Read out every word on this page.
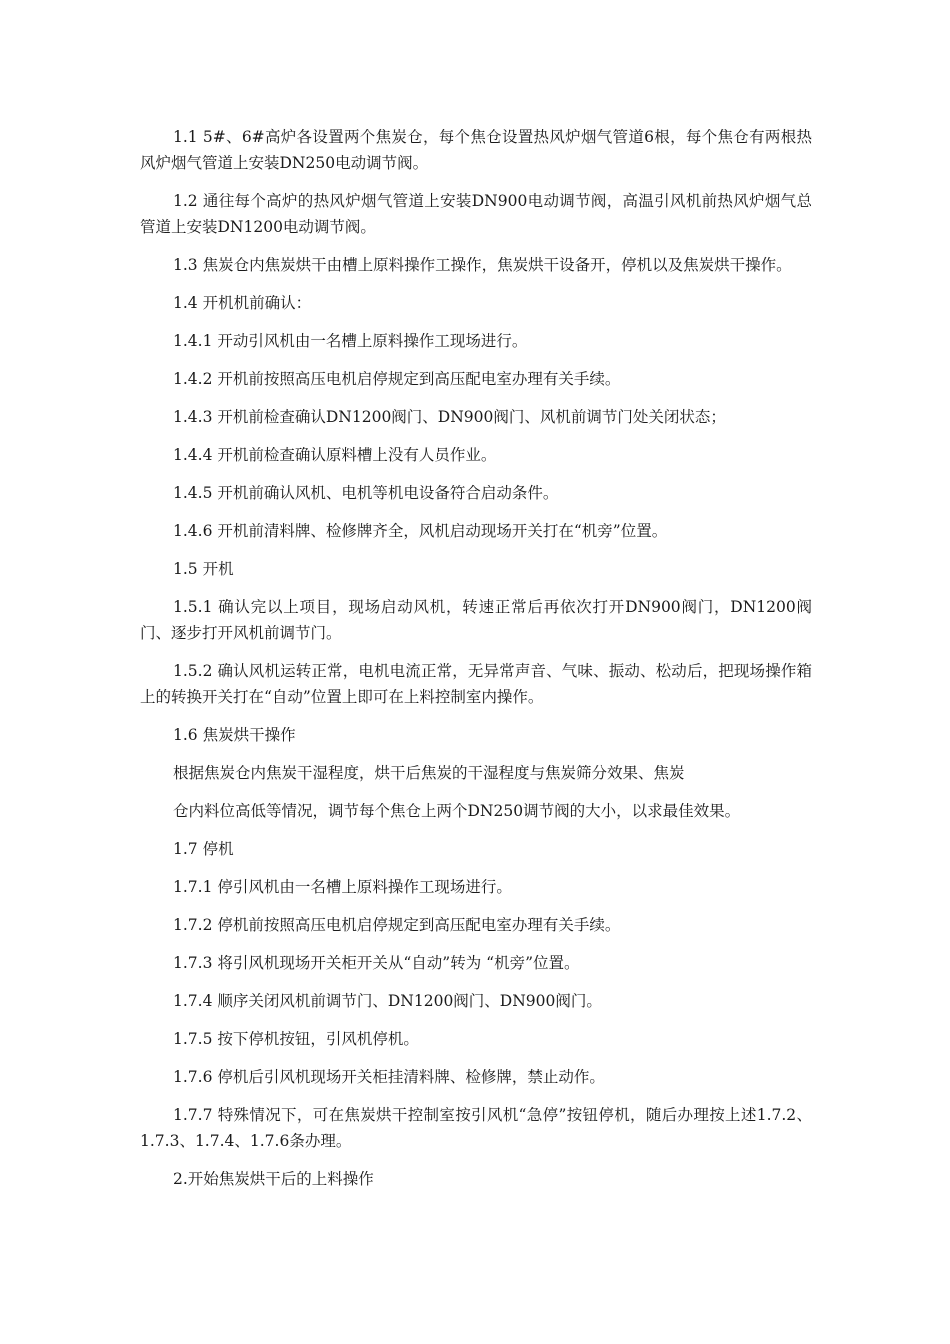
1.1 5#、6#高炉各设置两个焦炭仓，每个焦仓设置热风炉烟气管道6根，每个焦仓有两根热风炉烟气管道上安装DN250电动调节阀。

1.2 通往每个高炉的热风炉烟气管道上安装DN900电动调节阀，高温引风机前热风炉烟气总管道上安装DN1200电动调节阀。

1.3 焦炭仓内焦炭烘干由槽上原料操作工操作，焦炭烘干设备开，停机以及焦炭烘干操作。

1.4 开机机前确认：

1.4.1 开动引风机由一名槽上原料操作工现场进行。

1.4.2 开机前按照高压电机启停规定到高压配电室办理有关手续。

1.4.3 开机前检查确认DN1200阀门、DN900阀门、风机前调节门处关闭状态；

1.4.4 开机前检查确认原料槽上没有人员作业。

1.4.5 开机前确认风机、电机等机电设备符合启动条件。

1.4.6 开机前清料牌、检修牌齐全，风机启动现场开关打在“机旁”位置。

1.5 开机

1.5.1 确认完以上项目，现场启动风机，转速正常后再依次打开DN900阀门，DN1200阀门、逐步打开风机前调节门。

1.5.2 确认风机运转正常，电机电流正常，无异常声音、气味、振动、松动后，把现场操作箱上的转换开关打在“自动”位置上即可在上料控制室内操作。

1.6 焦炭烘干操作

根据焦炭仓内焦炭干湿程度，烘干后焦炭的干湿程度与焦炭筛分效果、焦炭

仓内料位高低等情况，调节每个焦仓上两个DN250调节阀的大小，以求最佳效果。

1.7 停机

1.7.1 停引风机由一名槽上原料操作工现场进行。

1.7.2 停机前按照高压电机启停规定到高压配电室办理有关手续。

1.7.3 将引风机现场开关柜开关从“自动”转为 “机旁”位置。

1.7.4 顺序关闭风机前调节门、DN1200阀门、DN900阀门。

1.7.5 按下停机按钮，引风机停机。

1.7.6 停机后引风机现场开关柜挂清料牌、检修牌，禁止动作。

1.7.7 特殊情况下，可在焦炭烘干控制室按引风机“急停”按钮停机，随后办理按上述1.7.2、1.7.3、1.7.4、1.7.6条办理。

2.开始焦炭烘干后的上料操作
